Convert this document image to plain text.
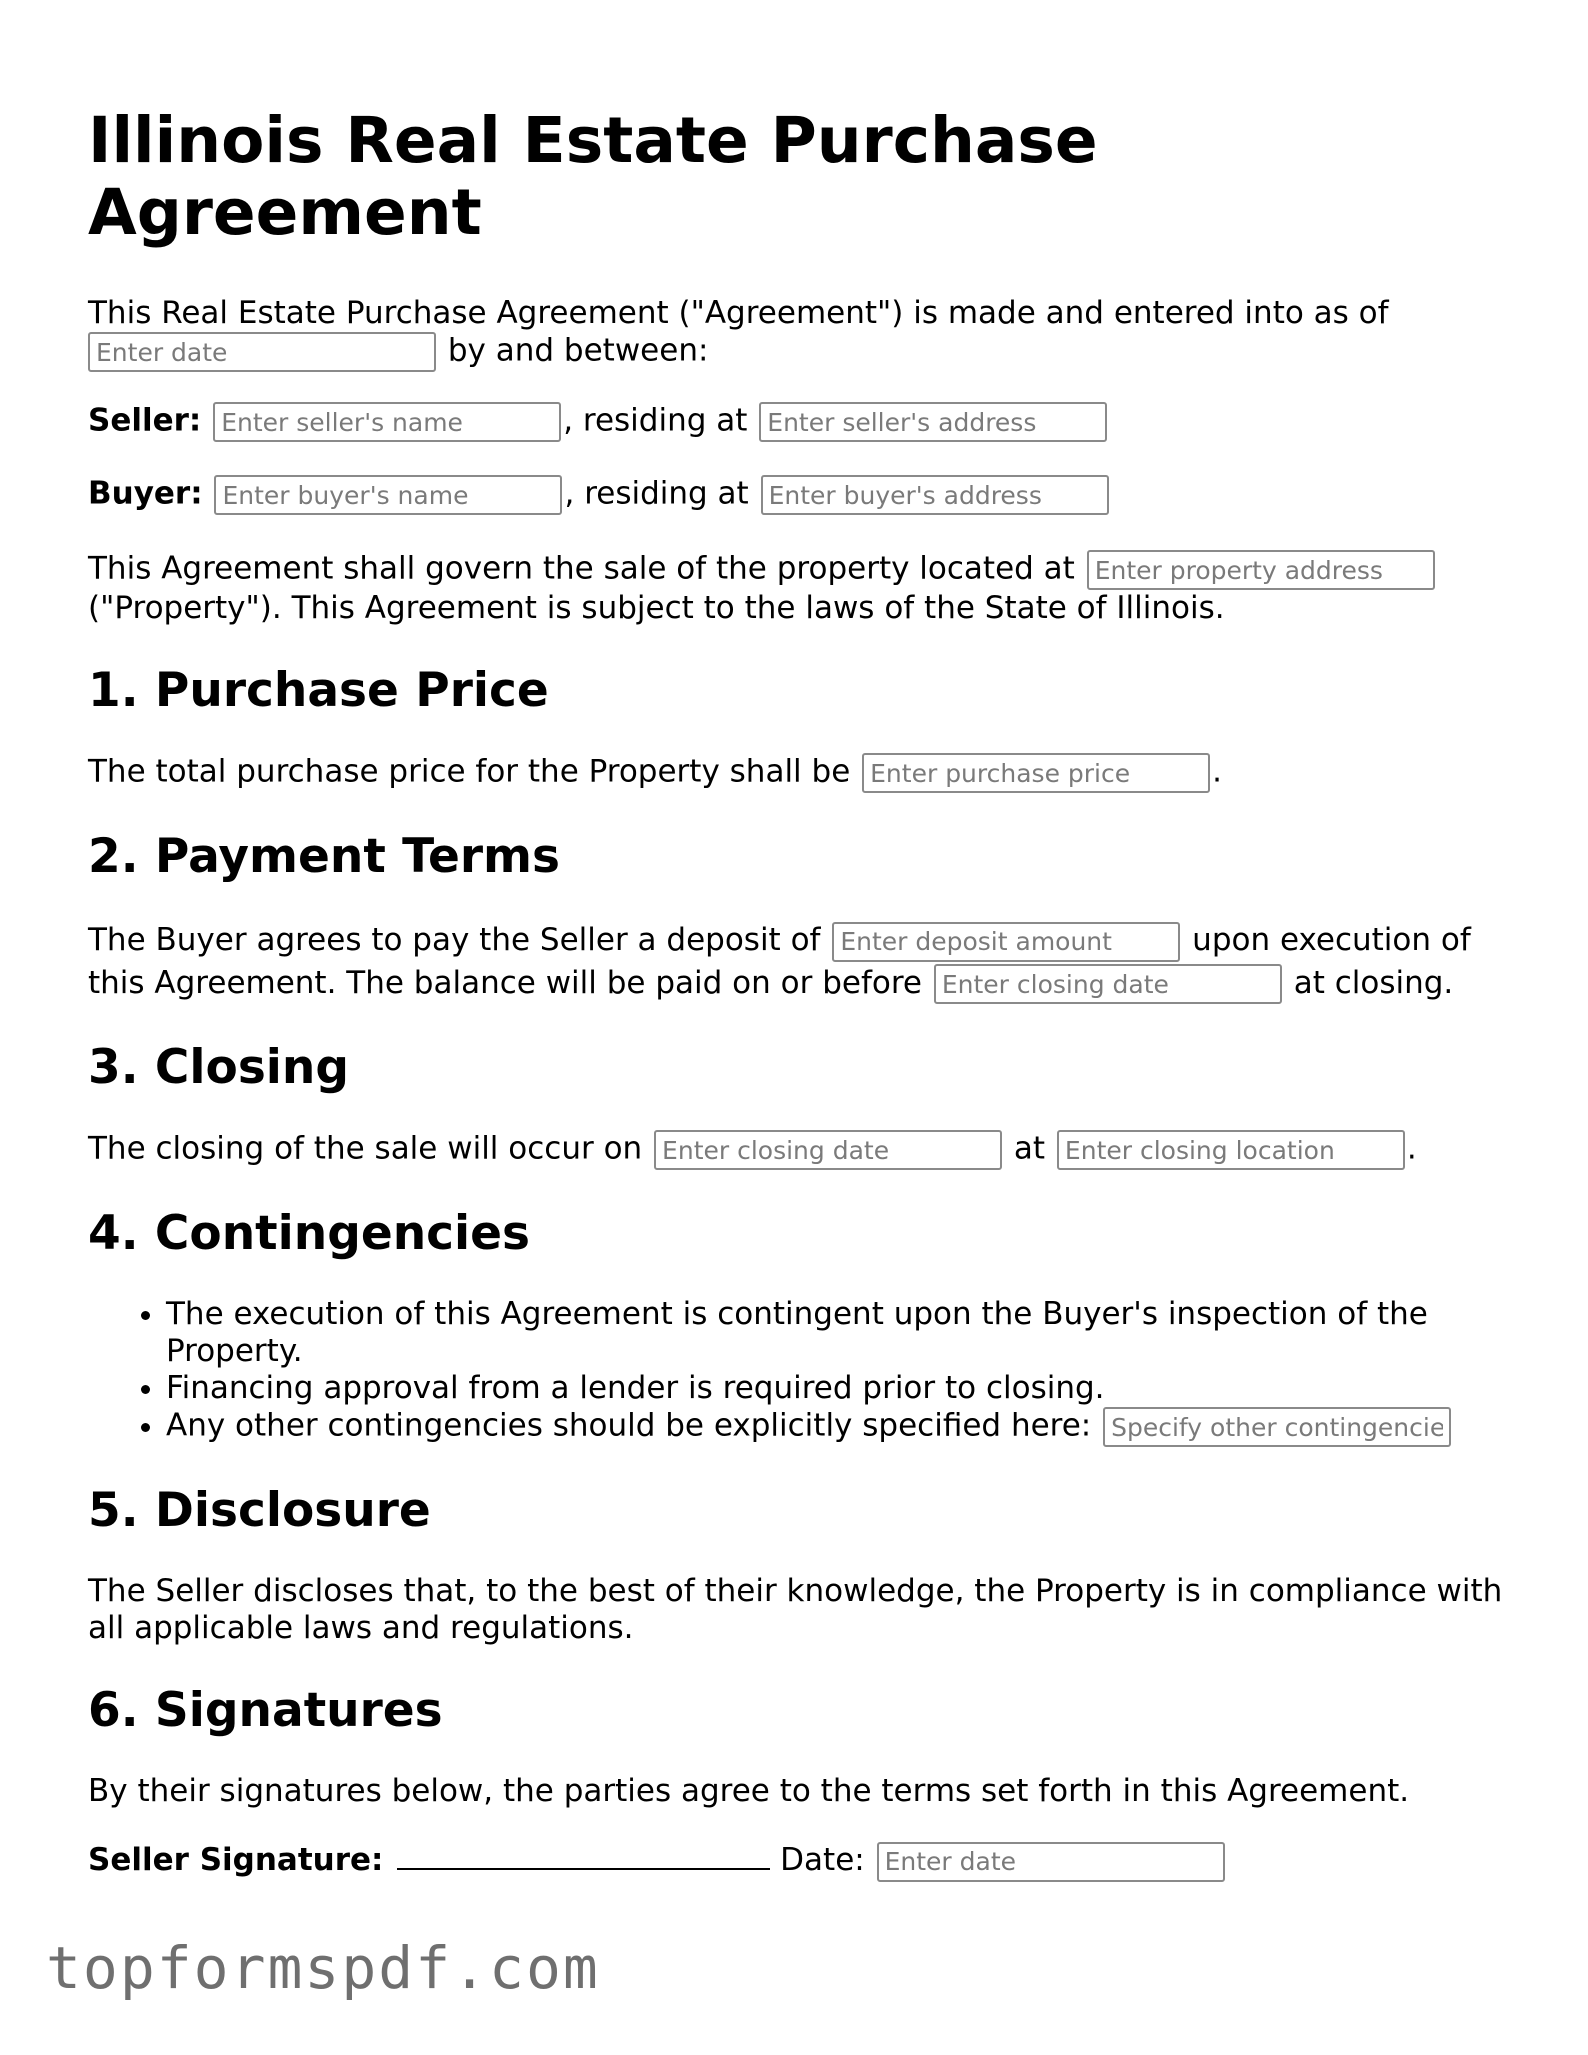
Illinois Real Estate Purchase Agreement

This Real Estate Purchase Agreement ("Agreement") is made and entered into as of Enter date by and between:

Seller: Enter seller's name	, residing at Enter seller's address

Buyer: Enter buyer's name	, residing at Enter buyer's address

This Agreement shall govern the sale of the property located at Enter property address ("Property"). This Agreement is subject to the laws of the State of Illinois.

1. Purchase Price

The total purchase price for the Property shall be Enter purchase price	.

2. Payment Terms

The Buyer agrees to pay the Seller a deposit of Enter deposit amount	upon execution of this Agreement. The balance will be paid on or before Enter closing date	at closing.

3. Closing

The closing of the sale will occur on Enter closing date	at Enter closing location	.

4. Contingencies
• The execution of this Agreement is contingent upon the Buyer's inspection of the Property.
• Financing approval from a lender is required prior to closing.
• Any other contingencies should be explicitly specified here: Specify other contingencies
5. Disclosure

The Seller discloses that, to the best of their knowledge, the Property is in compliance with all applicable laws and regulations.

6. Signatures

By their signatures below, the parties agree to the terms set forth in this Agreement.

Seller Signature:	Date: Enter date

topformspdf.com
